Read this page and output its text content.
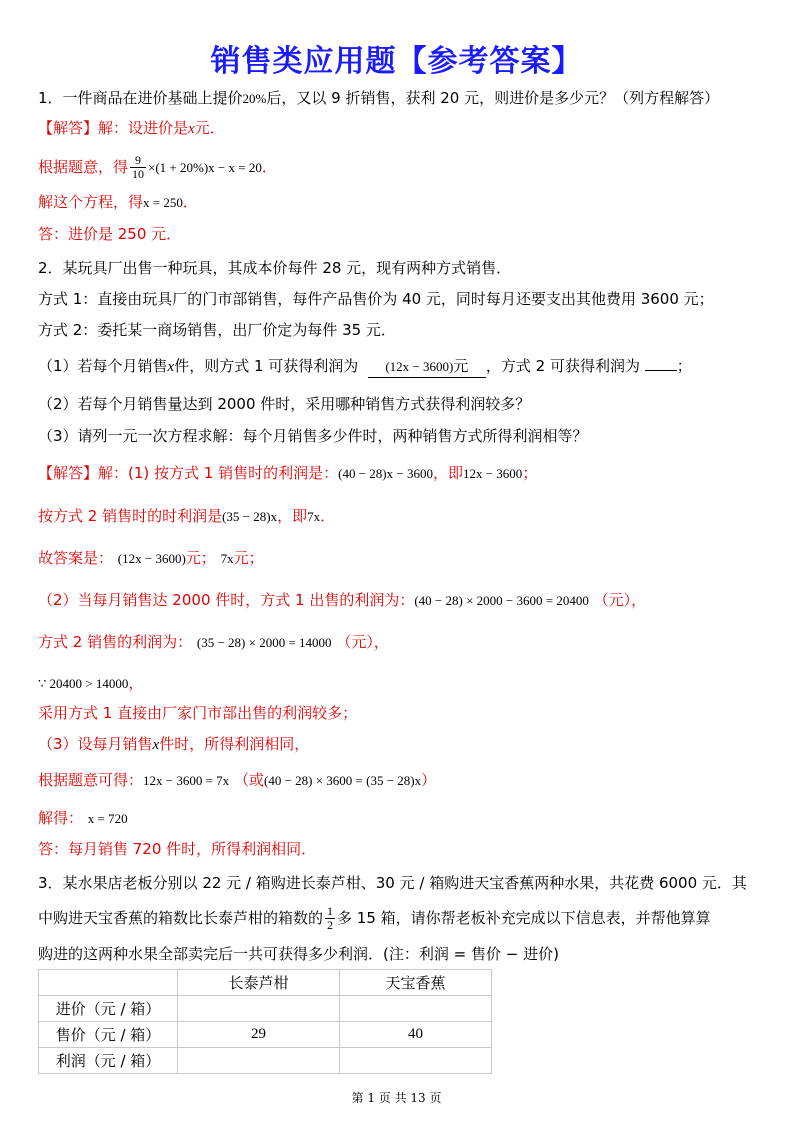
销售类应用题【参考答案】
1．一件商品在进价基础上提价20%后，又以 9 折销售，获利 20 元，则进价是多少元？（列方程解答）
【解答】解：设进价是x元．
根据题意，得 $\frac{9}{10} \times(1 + 20\%)x - x = 20$．
解这个方程，得x = 250．
答：进价是 250 元．
2．某玩具厂出售一种玩具，其成本价每件 28 元，现有两种方式销售．
方式 1：直接由玩具厂的门市部销售，每件产品售价为 40 元，同时每月还要支出其他费用 3600 元；
方式 2：委托某一商场销售，出厂价定为每件 35 元．
（1）若每个月销售x件，则方式 1 可获得利润为 (12x − 3600)元 ，方式 2 可获得利润为 ；
（2）若每个月销售量达到 2000 件时，采用哪种销售方式获得利润较多？
（3）请列一元一次方程求解：每个月销售多少件时，两种销售方式所得利润相等？
【解答】解：(1) 按方式 1 销售时的利润是：(40 − 28)x − 3600，即12x − 3600；
按方式 2 销售时的时利润是(35 − 28)x，即7x．
故答案是： (12x − 3600)元； 7x元；
（2）当每月销售达 2000 件时，方式 1 出售的利润为：(40 − 28) × 2000 − 3600 = 20400 （元），
方式 2 销售的利润为： (35 − 28) × 2000 = 14000 （元），
∵ 20400 > 14000，
采用方式 1 直接由厂家门市部出售的利润较多；
（3）设每月销售x件时，所得利润相同，
根据题意可得：12x − 3600 = 7x （或(40 − 28) × 3600 = (35 − 28)x）
解得： x = 720
答：每月销售 720 件时，所得利润相同．
3．某水果店老板分别以 22 元 / 箱购进长泰芦柑、30 元 / 箱购进天宝香蕉两种水果，共花费 6000 元．其
中购进天宝香蕉的箱数比长泰芦柑的箱数的 $\frac{1}{2}$ 多 15 箱，请你帮老板补充完成以下信息表，并帮他算算
购进的这两种水果全部卖完后一共可获得多少利润．(注：利润 = 售价 − 进价)
	长泰芦柑	天宝香蕉
进价（元 / 箱）		
售价（元 / 箱）	29	40
利润（元 / 箱）		
第 1 页 共 13 页
